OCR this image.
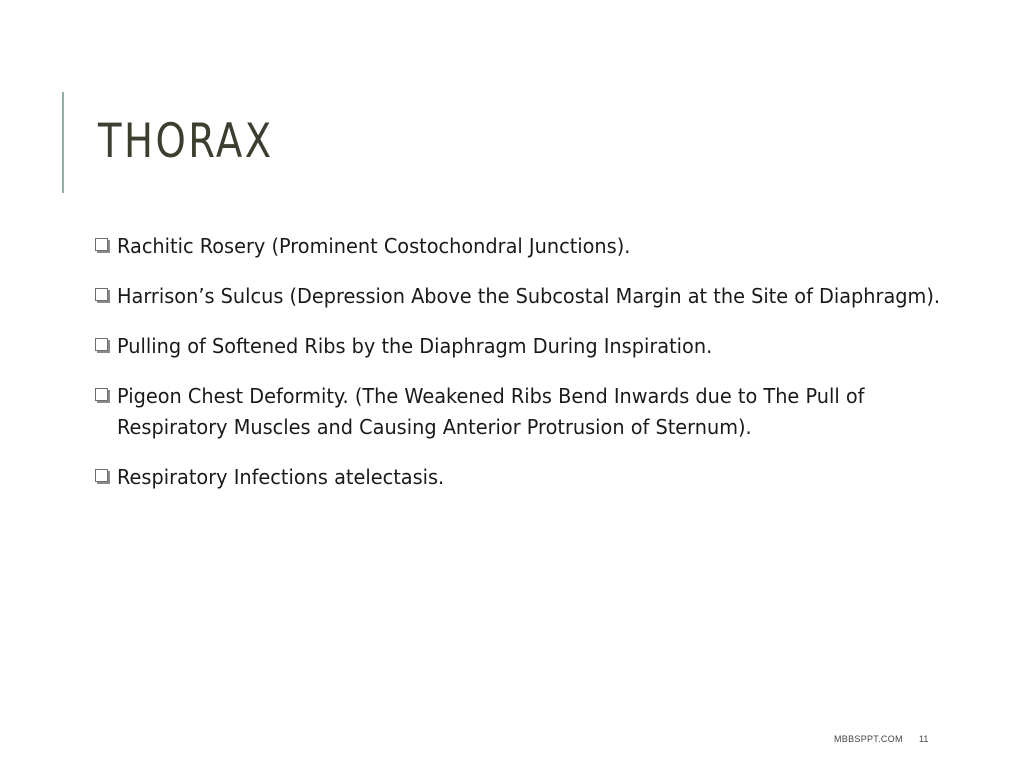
THORAX
Rachitic Rosery (Prominent Costochondral Junctions).
Harrison’s Sulcus (Depression Above the Subcostal Margin at the Site of Diaphragm).
Pulling of Softened Ribs by the Diaphragm During Inspiration.
Pigeon Chest Deformity. (The Weakened Ribs Bend Inwards due to The Pull of Respiratory Muscles and Causing Anterior Protrusion of Sternum).
Respiratory Infections atelectasis.
MBBSPPT.COM 11
